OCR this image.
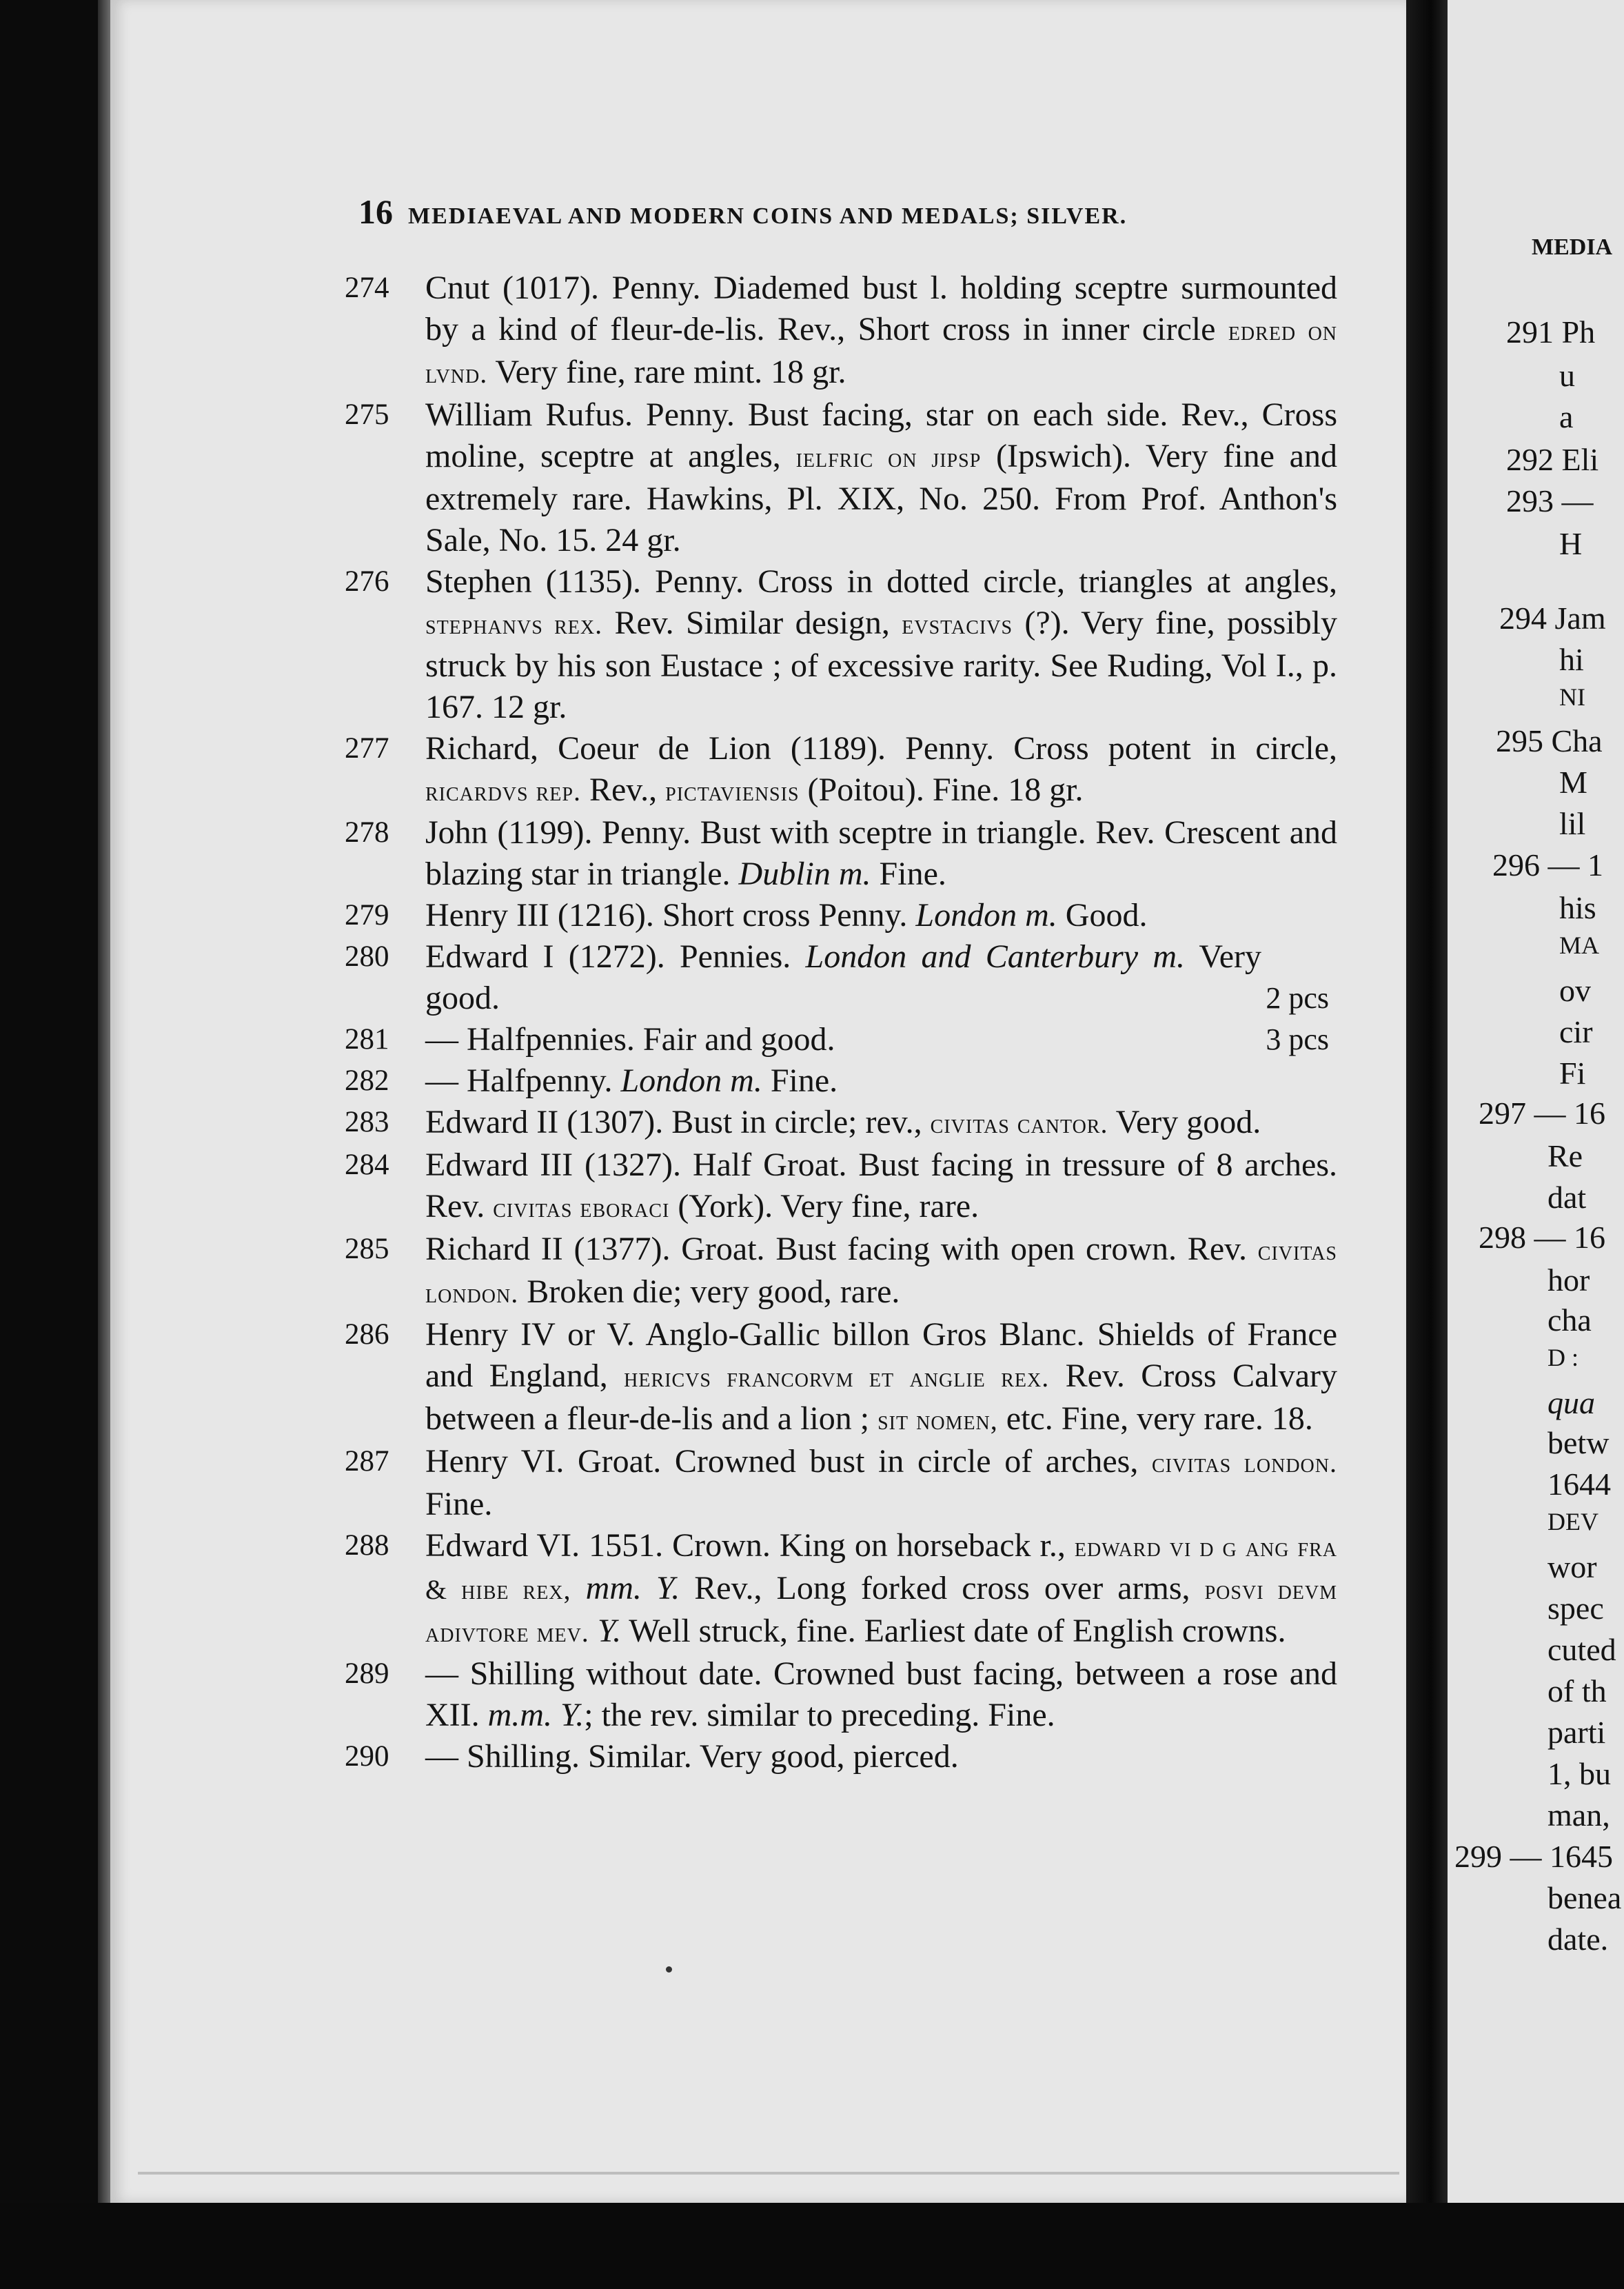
16 MEDIAEVAL AND MODERN COINS AND MEDALS; SILVER.
274 Cnut (1017). Penny. Diademed bust l. holding sceptre surmounted by a kind of fleur-de-lis. Rev., Short cross in inner circle edred on lvnd. Very fine, rare mint. 18 gr.
275 William Rufus. Penny. Bust facing, star on each side. Rev., Cross moline, sceptre at angles, ielfric on jipsp (Ipswich). Very fine and extremely rare. Hawkins, Pl. XIX, No. 250. From Prof. Anthon's Sale, No. 15. 24 gr.
276 Stephen (1135). Penny. Cross in dotted circle, triangles at angles, stephanvs rex. Rev. Similar design, evstacivs (?). Very fine, possibly struck by his son Eustace ; of excessive rarity. See Ruding, Vol I., p. 167. 12 gr.
277 Richard, Coeur de Lion (1189). Penny. Cross potent in circle, ricardvs rep. Rev., pictaviensis (Poitou). Fine. 18 gr.
278 John (1199). Penny. Bust with sceptre in triangle. Rev. Crescent and blazing star in triangle. Dublin m. Fine.
279 Henry III (1216). Short cross Penny. London m. Good.
280 Edward I (1272). Pennies. London and Canterbury m. Very good.	2 pcs
281 — Halfpennies. Fair and good.	3 pcs
282 — Halfpenny. London m. Fine.
283 Edward II (1307). Bust in circle; rev., civitas cantor. Very good.
284 Edward III (1327). Half Groat. Bust facing in tressure of 8 arches. Rev. civitas eboraci (York). Very fine, rare.
285 Richard II (1377). Groat. Bust facing with open crown. Rev. civitas london. Broken die; very good, rare.
286 Henry IV or V. Anglo-Gallic billon Gros Blanc. Shields of France and England, hericvs francorvm et anglie rex. Rev. Cross Calvary between a fleur-de-lis and a lion ; sit nomen, etc. Fine, very rare. 18.
287 Henry VI. Groat. Crowned bust in circle of arches, civitas london. Fine.
288 Edward VI. 1551. Crown. King on horseback r., edward vi d g ang fra & hibe rex, mm. Y. Rev., Long forked cross over arms, posvi devm adivtore mev. Y. Well struck, fine. Earliest date of English crowns.
289 — Shilling without date. Crowned bust facing, between a rose and XII. m.m. Y.; the rev. similar to preceding. Fine.
290 — Shilling. Similar. Very good, pierced.
MEDIA
291 Ph
u
a
292 Eli
293 —
H
294 Jam
hi
NI
295 Cha
M
lil
296 — 1
his
MA
ov
cir
Fi
297 — 16
Re
dat
298 — 16
hor
cha
D :
qua
betw
1644
DEV
wor
spec
cuted
of th
parti
1, bu
man,
299 — 1645
benea
date.
